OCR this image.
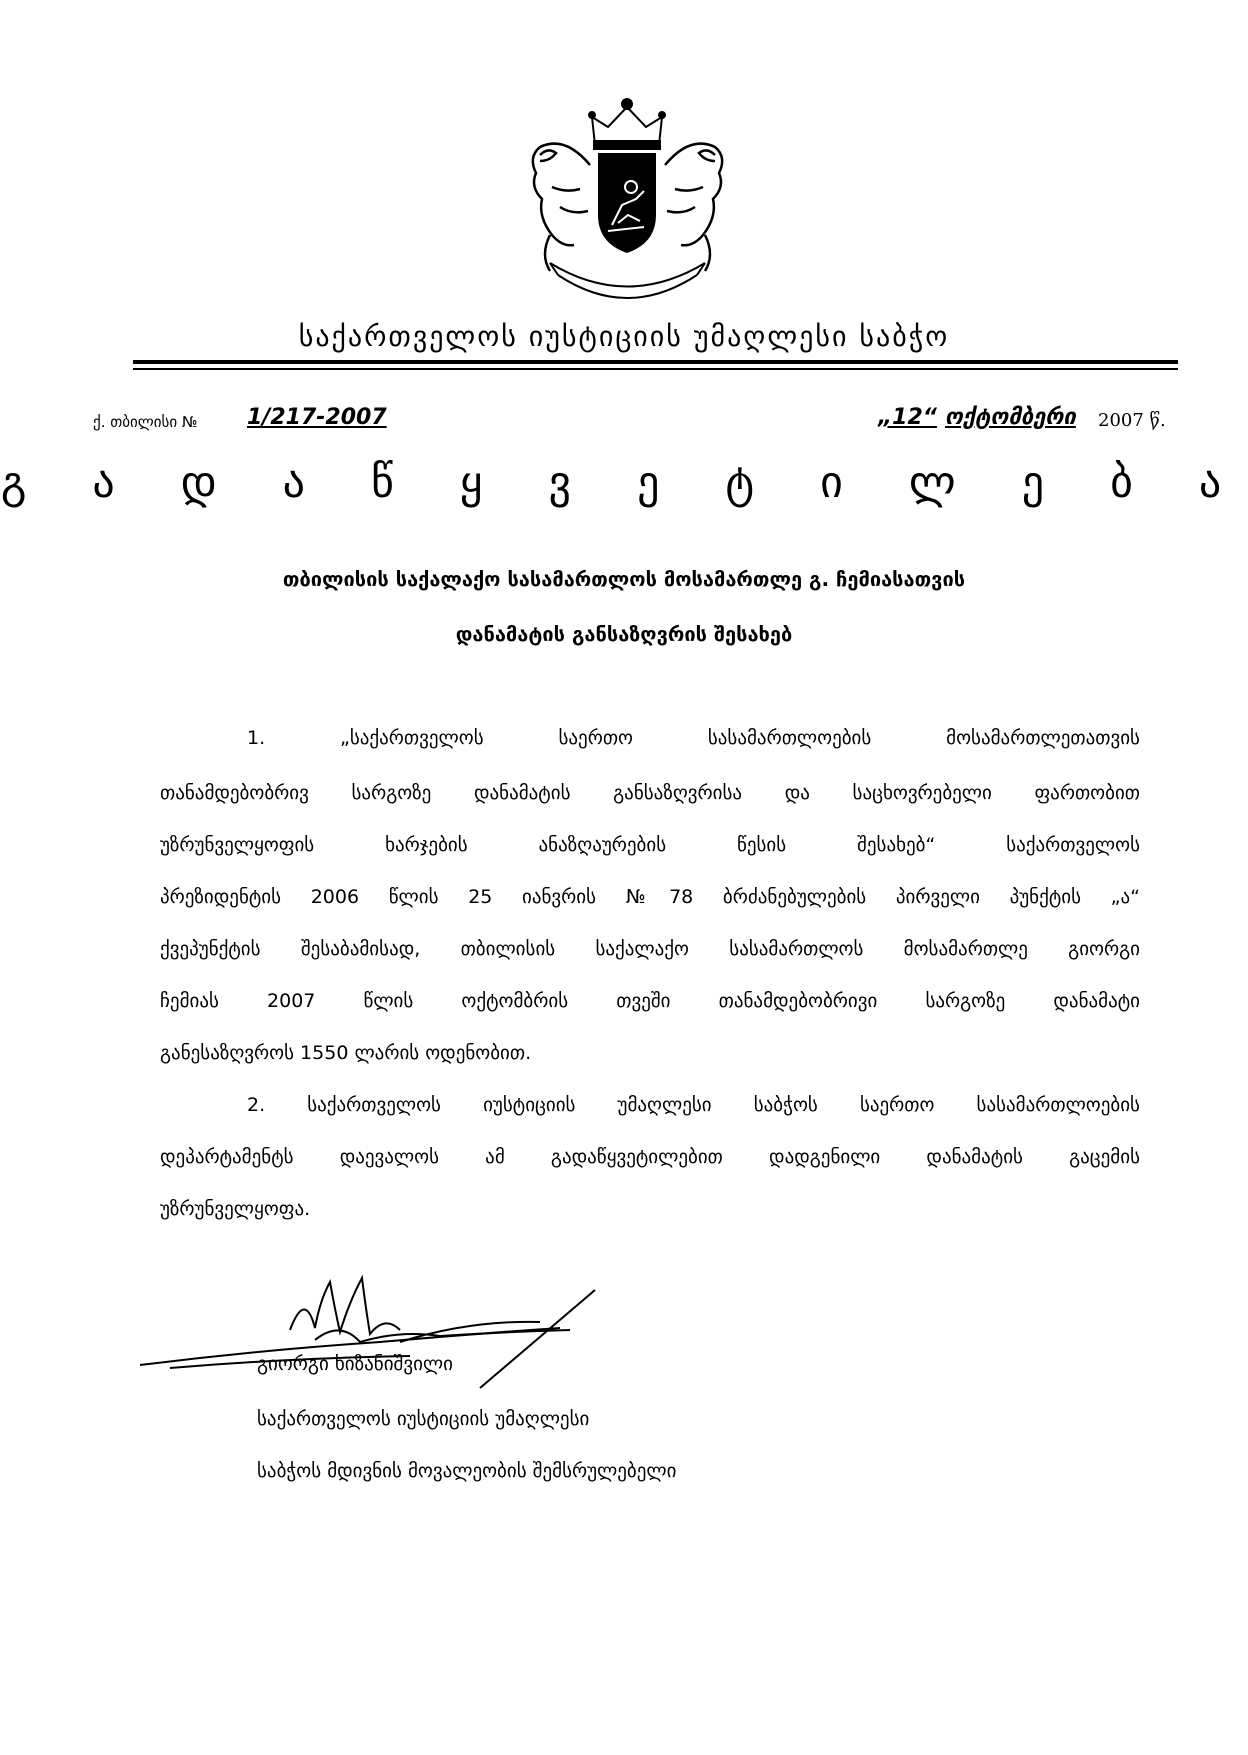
საქართველოს იუსტიციის უმაღლესი საბჭო
ქ. თბილისი № 1/217-2007	„12“ ოქტომბერი 2007 წ.
გ ა დ ა წ ყ ვ ე ტ ი ლ ე ბ ა
თბილისის საქალაქო სასამართლოს მოსამართლე გ. ჩემიასათვის
დანამატის განსაზღვრის შესახებ
1. „საქართველოს საერთო სასამართლოების მოსამართლეთათვის
თანამდებობრივ სარგოზე დანამატის განსაზღვრისა და საცხოვრებელი ფართობით
უზრუნველყოფის ხარჯების ანაზღაურების წესის შესახებ“ საქართველოს
პრეზიდენტის 2006 წლის 25 იანვრის №78 ბრძანებულების პირველი პუნქტის „ა“
ქვეპუნქტის შესაბამისად, თბილისის საქალაქო სასამართლოს მოსამართლე გიორგი
ჩემიას 2007 წლის ოქტომბრის თვეში თანამდებობრივი სარგოზე დანამატი
განესაზღვროს 1550 ლარის ოდენობით.
2. საქართველოს იუსტიციის უმაღლესი საბჭოს საერთო სასამართლოების
დეპარტამენტს დაევალოს ამ გადაწყვეტილებით დადგენილი დანამატის გაცემის
უზრუნველყოფა.
გიორგი ხიზანიშვილი
საქართველოს იუსტიციის უმაღლესი
საბჭოს მდივნის მოვალეობის შემსრულებელი
